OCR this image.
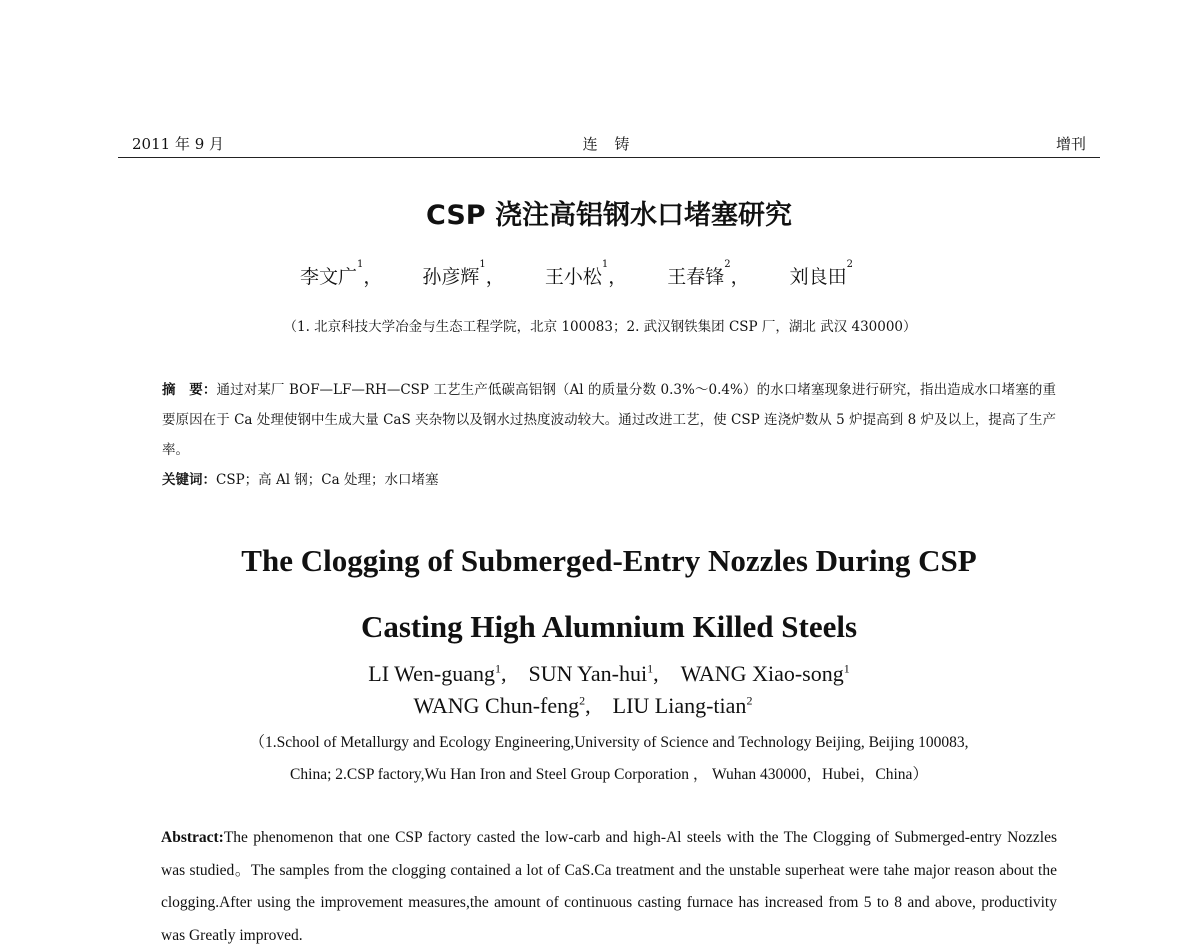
2011 年 9 月	连 铸	增刊
CSP 浇注高铝钢水口堵塞研究
李文广$^1$， 孙彦辉$^1$， 王小松$^1$， 王春锋$^2$， 刘良田$^2$
（1. 北京科技大学冶金与生态工程学院，北京 100083；2. 武汉钢铁集团 CSP 厂，湖北 武汉 430000）

摘　要：通过对某厂 BOF—LF—RH—CSP 工艺生产低碳高铝钢（Al 的质量分数 0.3%～0.4%）的水口堵塞现象进行研究，指出造成水口堵塞的重要原因在于 Ca 处理使钢中生成大量 CaS 夹杂物以及钢水过热度波动较大。通过改进工艺，使 CSP 连浇炉数从 5 炉提高到 8 炉及以上，提高了生产率。

关键词：CSP；高 Al 钢；Ca 处理；水口堵塞

The Clogging of Submerged-Entry Nozzles During CSP
Casting High Alumnium Killed Steels
LI Wen-guang$^1$,    SUN Yan-hui$^1$,    WANG Xiao-song$^1$
WANG Chun-feng$^2$,    LIU Liang-tian$^2$
（1.School of Metallurgy and Ecology Engineering,University of Science and Technology Beijing, Beijing 100083,
China; 2.CSP factory,Wu Han Iron and Steel Group Corporation ， Wuhan 430000，Hubei，China）
Abstract:The phenomenon that one CSP factory casted the low-carb and high-Al steels with the The Clogging of Submerged-entry Nozzles was studied。The samples from the clogging contained a lot of CaS.Ca treatment and the unstable superheat were tahe major reason about the clogging.After using the improvement measures,the amount of continuous casting furnace has increased from 5 to 8 and above, productivity was Greatly improved.
